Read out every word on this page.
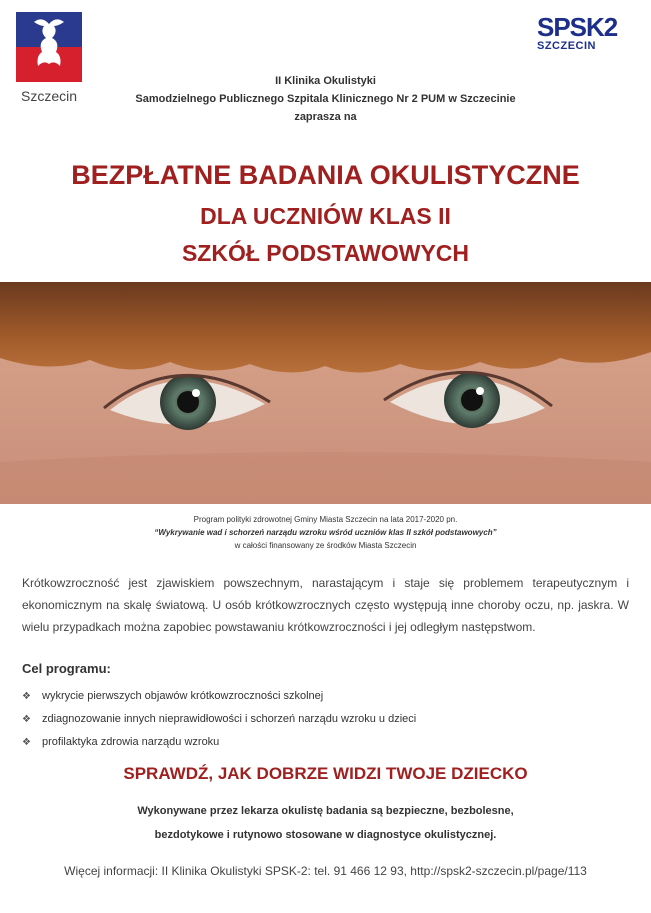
Szczecin
SPSK2
SZCZECIN
II Klinika Okulistyki
Samodzielnego Publicznego Szpitala Klinicznego Nr 2 PUM w Szczecinie
zaprasza na
BEZPŁATNE BADANIA OKULISTYCZNE
DLA UCZNIÓW KLAS II
SZKÓŁ PODSTAWOWYCH
Program polityki zdrowotnej Gminy Miasta Szczecin na lata 2017-2020 pn.
“Wykrywanie wad i schorzeń narządu wzroku wśród uczniów klas II szkół podstawowych”
w całości finansowany ze środków Miasta Szczecin
Krótkowzroczność jest zjawiskiem powszechnym, narastającym i staje się problemem terapeutycznym i ekonomicznym na skalę światową. U osób krótkowzrocznych często występują inne choroby oczu, np. jaskra. W wielu przypadkach można zapobiec powstawaniu krótkowzroczności i jej odległym następstwom.
Cel programu:
❖ wykrycie pierwszych objawów krótkowzroczności szkolnej
❖ zdiagnozowanie innych nieprawidłowości i schorzeń narządu wzroku u dzieci
❖ profilaktyka zdrowia narządu wzroku
SPRAWDŹ, JAK DOBRZE WIDZI TWOJE DZIECKO
Wykonywane przez lekarza okulistę badania są bezpieczne, bezbolesne,
bezdotykowe i rutynowo stosowane w diagnostyce okulistycznej.
Więcej informacji: II Klinika Okulistyki SPSK-2: tel. 91 466 12 93, http://spsk2-szczecin.pl/page/113
